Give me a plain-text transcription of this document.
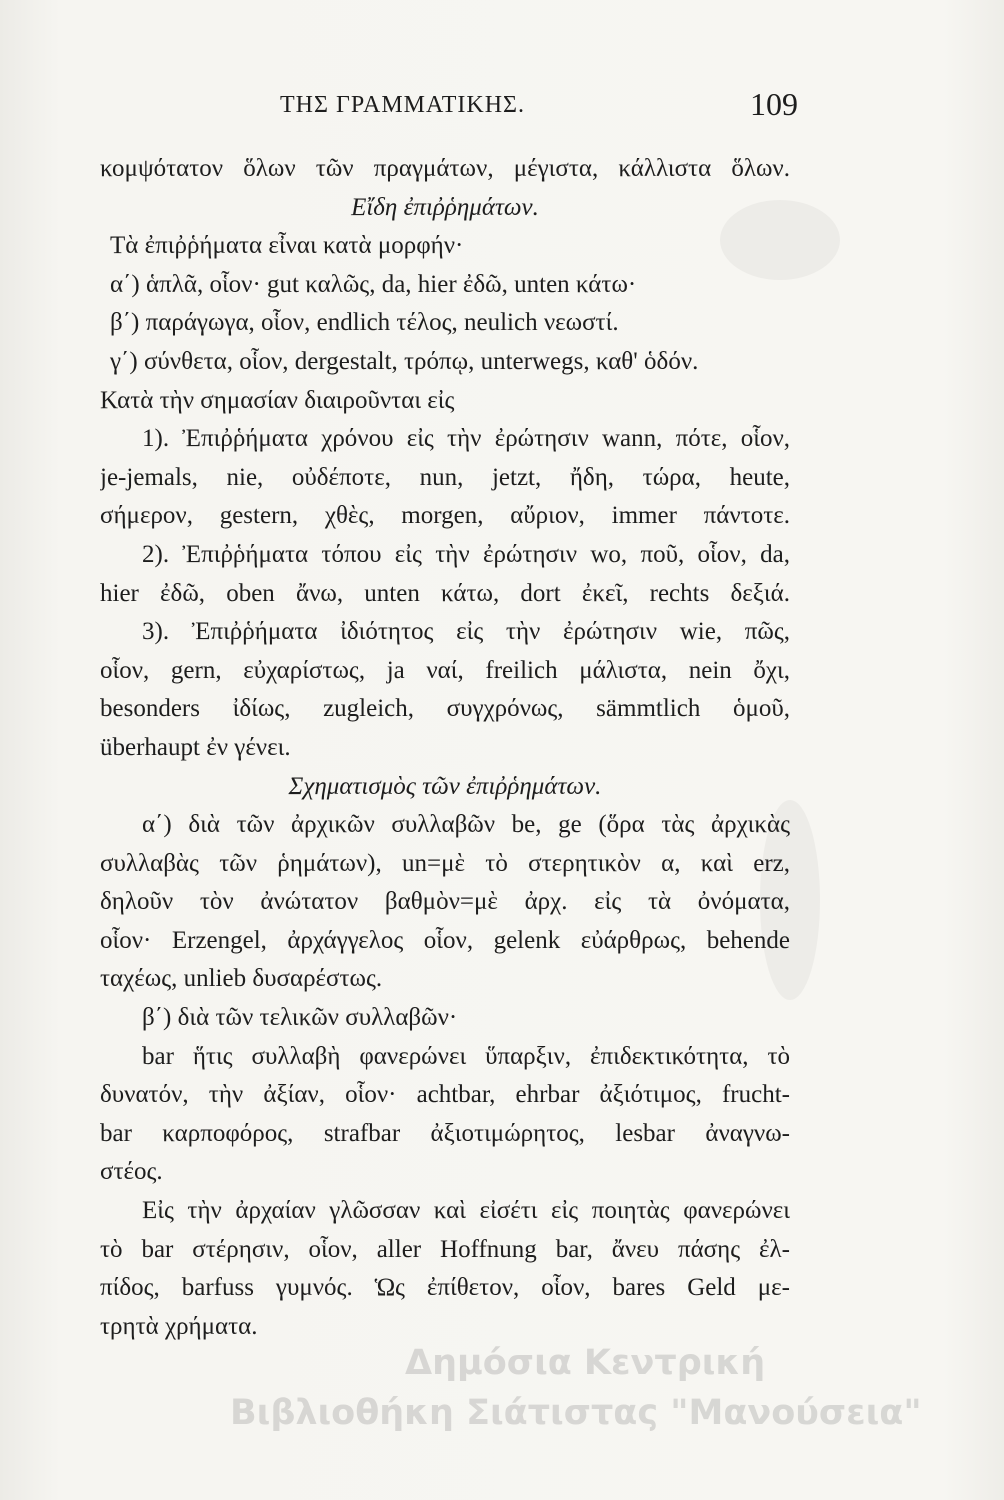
ΤΗΣ ΓΡΑΜΜΑΤΙΚΗΣ.	109
κομψότατον ὅλων τῶν πραγμάτων, μέγιστα, κάλλιστα ὅλων.
Εἴδη ἐπιῤῥημάτων.
Τὰ ἐπιῤῥήματα εἶναι κατὰ μορφήν·
α΄) ἁπλᾶ, οἷον· gut καλῶς, da, hier ἐδῶ, unten κάτω·
β΄) παράγωγα, οἷον, endlich τέλος, neulich νεωστί.
γ΄) σύνθετα, οἷον, dergestalt, τρόπῳ, unterwegs, καθ' ὁδόν.
Κατὰ τὴν σημασίαν διαιροῦνται εἰς
1). Ἐπιῤῥήματα χρόνου εἰς τὴν ἐρώτησιν wann, πότε, οἷον,
je-jemals, nie, οὐδέποτε, nun, jetzt, ἤδη, τώρα, heute,
σήμερον, gestern, χθὲς, morgen, αὔριον, immer πάντοτε.
2). Ἐπιῤῥήματα τόπου εἰς τὴν ἐρώτησιν wo, ποῦ, οἷον, da,
hier ἐδῶ, oben ἄνω, unten κάτω, dort ἐκεῖ, rechts δεξιά.
3). Ἐπιῤῥήματα ἰδιότητος εἰς τὴν ἐρώτησιν wie, πῶς,
οἷον, gern, εὐχαρίστως, ja ναί, freilich μάλιστα, nein ὄχι,
besonders ἰδίως, zugleich, συγχρόνως, sämmtlich ὁμοῦ,
überhaupt ἐν γένει.
Σχηματισμὸς τῶν ἐπιῤῥημάτων.
α΄) διὰ τῶν ἀρχικῶν συλλαβῶν be, ge (ὅρα τὰς ἀρχικὰς
συλλαβὰς τῶν ῥημάτων), un=μὲ τὸ στερητικὸν α, καὶ erz,
δηλοῦν τὸν ἀνώτατον βαθμὸν=μὲ ἀρχ. εἰς τὰ ὀνόματα,
οἷον· Erzengel, ἀρχάγγελος οἷον, gelenk εὐάρθρως, behende
ταχέως, unlieb δυσαρέστως.
β΄) διὰ τῶν τελικῶν συλλαβῶν·
bar ἥτις συλλαβὴ φανερώνει ὕπαρξιν, ἐπιδεκτικότητα, τὸ
δυνατόν, τὴν ἀξίαν, οἷον· achtbar, ehrbar ἀξιότιμος, frucht-
bar καρποφόρος, strafbar ἀξιοτιμώρητος, lesbar ἀναγνω-
στέος.
Εἰς τὴν ἀρχαίαν γλῶσσαν καὶ εἰσέτι εἰς ποιητὰς φανερώνει
τὸ bar στέρησιν, οἷον, aller Hoffnung bar, ἄνευ πάσης ἐλ-
πίδος, barfuss γυμνός. Ὡς ἐπίθετον, οἷον, bares Geld με-
τρητὰ χρήματα.
Δημόσια Κεντρική
Βιβλιοθήκη Σιάτιστας "Μανούσεια"
